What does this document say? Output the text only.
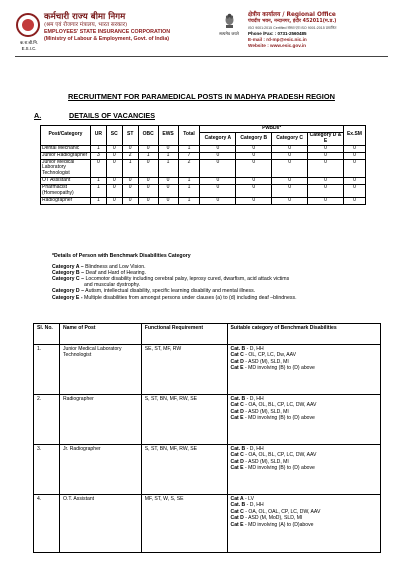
क.रा.बी.नि.
E.S.I.C.
कर्मचारी राज्य बीमा निगम
(श्रम एवं रोजगार मंत्रालय, भारत सरकार)
EMPLOYEES' STATE INSURANCE CORPORATION
(Ministry of Labour & Employment, Govt. of India)
सत्यमेव जयते
क्षेत्रीय कार्यालय / Regional Office
पंचदीप भवन, नन्दानगर, इंदौर 452011(म.प्र.)
ISO 9001:2015 Certified संस्था एवं ISO 9001:2015 प्रमाणित
Phone /Fax: : 0731-2560485
E-mail : rd-mp@esic.nic.in
Website : www.esic.gov.in
RECRUITMENT FOR PARAMEDICAL POSTS IN MADHYA PRADESH REGION
A.	DETAILS OF VACANCIES
Post/Category	UR	SC	ST	OBC	EWS	Total	PwBDs*				Ex.SM
							Category A	Category B	Category C	Category D & E	
Dental Mechanic	1	0	0	0	0	1	0	0	0	0	0
Junior Radiographer	3	0	2	1	1	7	0	0	0	0	0
Junior Medical Laboratory Technologist	0	0	1	0	1	2	0	0	0	0	0
OT Assistant	1	0	0	0	0	1	0	0	0	0	0
Pharmacist (Homeopathy)	1	0	0	0	0	1	0	0	0	0	0
Radiographer	1	0	0	0	0	1	0	0	0	0	0
*Details of Person with Benchmark Disabilities Category
Category A – Blindness and Low Vision.
Category B – Deaf and Hard of Hearing.
Category C – Locomotor disability including cerebral palsy, leprosy cured, dwarfism, acid attack victims
and muscular dystrophy.
Category D – Autism, intellectual disability, specific learning disability and mental illness.
Category E - Multiple disabilities from amongst persons under clauses (a) to (d) including deaf –blindness.
Sl. No.	Name of Post	Functional Requirement	Suitable category of Benchmark Disabilities
1.	Junior Medical Laboratory Technologist	SE, ST, MF, RW	Cat. B - D, HH
Cat C - OL, CP, LC, Dw, AAV
Cat D - ASD (M), SLD, MI
Cat E - MD involving (B) to (D) above

2.	Radiographer	S, ST, BN, MF, RW, SE	Cat. B - D, HH
Cat C - OA, OL, BL, CP, LC, DW, AAV
Cat D - ASD (M), SLD, MI
Cat E - MD involving (B) to (D) above

3.	Jr. Radiographer	S, ST, BN, MF, RW, SE	Cat. B - D, HH
Cat C - OA, OL, BL, CP, LC, DW, AAV
Cat D - ASD (M), SLD, MI
Cat E - MD involving (B) to (D) above

4.	O.T. Assistant	MF, ST, W, S, SE	Cat A - LV
Cat. B - D, HH
Cat C - OA, OL, OAL, CP, LC, DW, AAV
Cat D - ASD (M, MoD), SLD, MI
Cat E - MD involving (A) to (D)above
